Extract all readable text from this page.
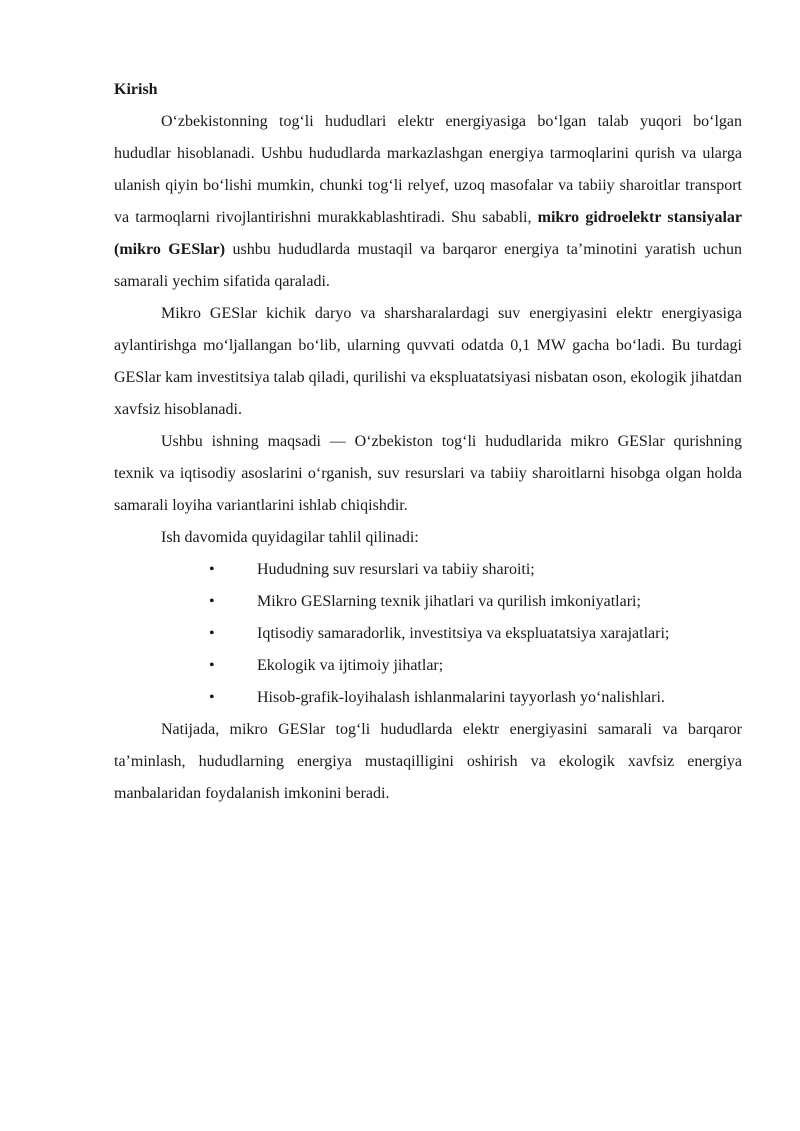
Kirish

O‘zbekistonning tog‘li hududlari elektr energiyasiga bo‘lgan talab yuqori bo‘lgan hududlar hisoblanadi. Ushbu hududlarda markazlashgan energiya tarmoqlarini qurish va ularga ulanish qiyin bo‘lishi mumkin, chunki tog‘li relyef, uzoq masofalar va tabiiy sharoitlar transport va tarmoqlarni rivojlantirishni murakkablashtiradi. Shu sababli, mikro gidroelektr stansiyalar (mikro GESlar) ushbu hududlarda mustaqil va barqaror energiya ta’minotini yaratish uchun samarali yechim sifatida qaraladi.

Mikro GESlar kichik daryo va sharsharalardagi suv energiyasini elektr energiyasiga aylantirishga mo‘ljallangan bo‘lib, ularning quvvati odatda 0,1 MW gacha bo‘ladi. Bu turdagi GESlar kam investitsiya talab qiladi, qurilishi va ekspluatatsiyasi nisbatan oson, ekologik jihatdan xavfsiz hisoblanadi.

Ushbu ishning maqsadi — O‘zbekiston tog‘li hududlarida mikro GESlar qurishning texnik va iqtisodiy asoslarini o‘rganish, suv resurslari va tabiiy sharoitlarni hisobga olgan holda samarali loyiha variantlarini ishlab chiqishdir.

Ish davomida quyidagilar tahlil qilinadi:

•	Hududning suv resurslari va tabiiy sharoiti;
•	Mikro GESlarning texnik jihatlari va qurilish imkoniyatlari;
•	Iqtisodiy samaradorlik, investitsiya va ekspluatatsiya xarajatlari;
•	Ekologik va ijtimoiy jihatlar;
•	Hisob-grafik-loyihalash ishlanmalarini tayyorlash yo‘nalishlari.

Natijada, mikro GESlar tog‘li hududlarda elektr energiyasini samarali va barqaror ta’minlash, hududlarning energiya mustaqilligini oshirish va ekologik xavfsiz energiya manbalaridan foydalanish imkonini beradi.
